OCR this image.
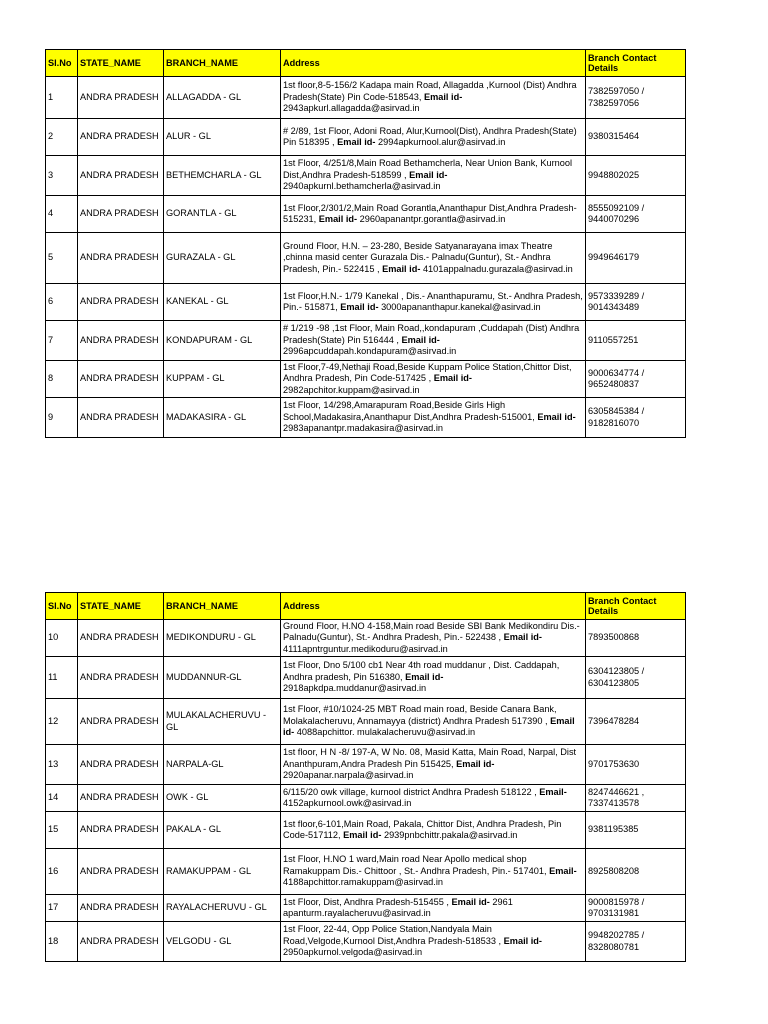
Sl.No	STATE_NAME	BRANCH_NAME	Address	Branch Contact Details
1	ANDRA PRADESH	ALLAGADDA - GL	1st floor,8-5-156/2 Kadapa main Road, Allagadda ,Kurnool (Dist) Andhra Pradesh(State) Pin Code-518543, Email id- 2943apkurl.allagadda@asirvad.in	7382597050 / 7382597056
2	ANDRA PRADESH	ALUR - GL	# 2/89, 1st Floor, Adoni Road, Alur,Kurnool(Dist), Andhra Pradesh(State) Pin 518395 , Email id- 2994apkurnool.alur@asirvad.in	9380315464
3	ANDRA PRADESH	BETHEMCHARLA - GL	1st Floor, 4/251/8,Main Road Bethamcherla, Near Union Bank, Kurnool Dist,Andhra Pradesh-518599 , Email id- 2940apkurnl.bethamcherla@asirvad.in	9948802025
4	ANDRA PRADESH	GORANTLA - GL	1st Floor,2/301/2,Main Road Gorantla,Ananthapur Dist,Andhra Pradesh-515231, Email id- 2960apanantpr.gorantla@asirvad.in	8555092109 / 9440070296
5	ANDRA PRADESH	GURAZALA - GL	Ground Floor, H.N. – 23-280, Beside Satyanarayana imax Theatre ,chinna masid center Gurazala Dis.- Palnadu(Guntur), St.- Andhra Pradesh, Pin.- 522415 , Email id- 4101appalnadu.gurazala@asirvad.in	9949646179
6	ANDRA PRADESH	KANEKAL - GL	1st Floor,H.N.- 1/79 Kanekal , Dis.- Ananthapuramu, St.- Andhra Pradesh, Pin.- 515871, Email id- 3000apananthapur.kanekal@asirvad.in	9573339289 / 9014343489
7	ANDRA PRADESH	KONDAPURAM - GL	# 1/219 -98 ,1st Floor, Main Road,,kondapuram ,Cuddapah (Dist) Andhra Pradesh(State) Pin 516444 , Email id- 2996apcuddapah.kondapuram@asirvad.in	9110557251
8	ANDRA PRADESH	KUPPAM - GL	1st Floor,7-49,Nethaji Road,Beside Kuppam Police Station,Chittor Dist, Andhra Pradesh, Pin Code-517425 , Email id- 2982apchitor.kuppam@asirvad.in	9000634774 / 9652480837
9	ANDRA PRADESH	MADAKASIRA - GL	1st Floor, 14/298,Amarapuram Road,Beside Girls High School,Madakasira,Ananthapur Dist,Andhra Pradesh-515001, Email id- 2983apanantpr.madakasira@asirvad.in	6305845384 / 9182816070
Sl.No	STATE_NAME	BRANCH_NAME	Address	Branch Contact Details
10	ANDRA PRADESH	MEDIKONDURU - GL	Ground Floor, H.NO 4-158,Main road Beside SBI Bank Medikondiru Dis.- Palnadu(Guntur), St.- Andhra Pradesh, Pin.- 522438 , Email id- 4111apntrguntur.medikoduru@asirvad.in	7893500868
11	ANDRA PRADESH	MUDDANNUR-GL	1st Floor, Dno 5/100 cb1 Near 4th road muddanur , Dist. Caddapah, Andhra pradesh, Pin 516380, Email id- 2918apkdpa.muddanur@asirvad.in	6304123805 / 6304123805
12	ANDRA PRADESH	MULAKALACHERUVU - GL	1st Floor, #10/1024-25 MBT Road main road, Beside Canara Bank, Molakalacheruvu, Annamayya (district) Andhra Pradesh 517390 , Email id- 4088apchittor. mulakalacheruvu@asirvad.in	7396478284
13	ANDRA PRADESH	NARPALA-GL	1st floor, H N -8/ 197-A, W No. 08, Masid Katta, Main Road, Narpal, Dist Ananthpuram,Andra Pradesh Pin 515425, Email id- 2920apanar.narpala@asirvad.in	9701753630
14	ANDRA PRADESH	OWK - GL	6/115/20 owk village, kurnool district Andhra Pradesh 518122 , Email- 4152apkurnool.owk@asirvad.in	8247446621 , 7337413578
15	ANDRA PRADESH	PAKALA - GL	1st floor,6-101,Main Road, Pakala, Chittor Dist, Andhra Pradesh, Pin Code-517112, Email id- 2939pnbchittr.pakala@asirvad.in	9381195385
16	ANDRA PRADESH	RAMAKUPPAM - GL	1st Floor, H.NO 1 ward,Main road Near Apollo medical shop Ramakuppam Dis.- Chittoor , St.- Andhra Pradesh, Pin.- 517401, Email- 4188apchittor.ramakuppam@asirvad.in	8925808208
17	ANDRA PRADESH	RAYALACHERUVU - GL	1st Floor, Dist, Andhra Pradesh-515455 , Email id- 2961 apanturm.rayalacheruvu@asirvad.in	9000815978 / 9703131981
18	ANDRA PRADESH	VELGODU - GL	1st Floor, 22-44, Opp Police Station,Nandyala Main Road,Velgode,Kurnool Dist,Andhra Pradesh-518533 , Email id- 2950apkurnol.velgoda@asirvad.in	9948202785 / 8328080781
